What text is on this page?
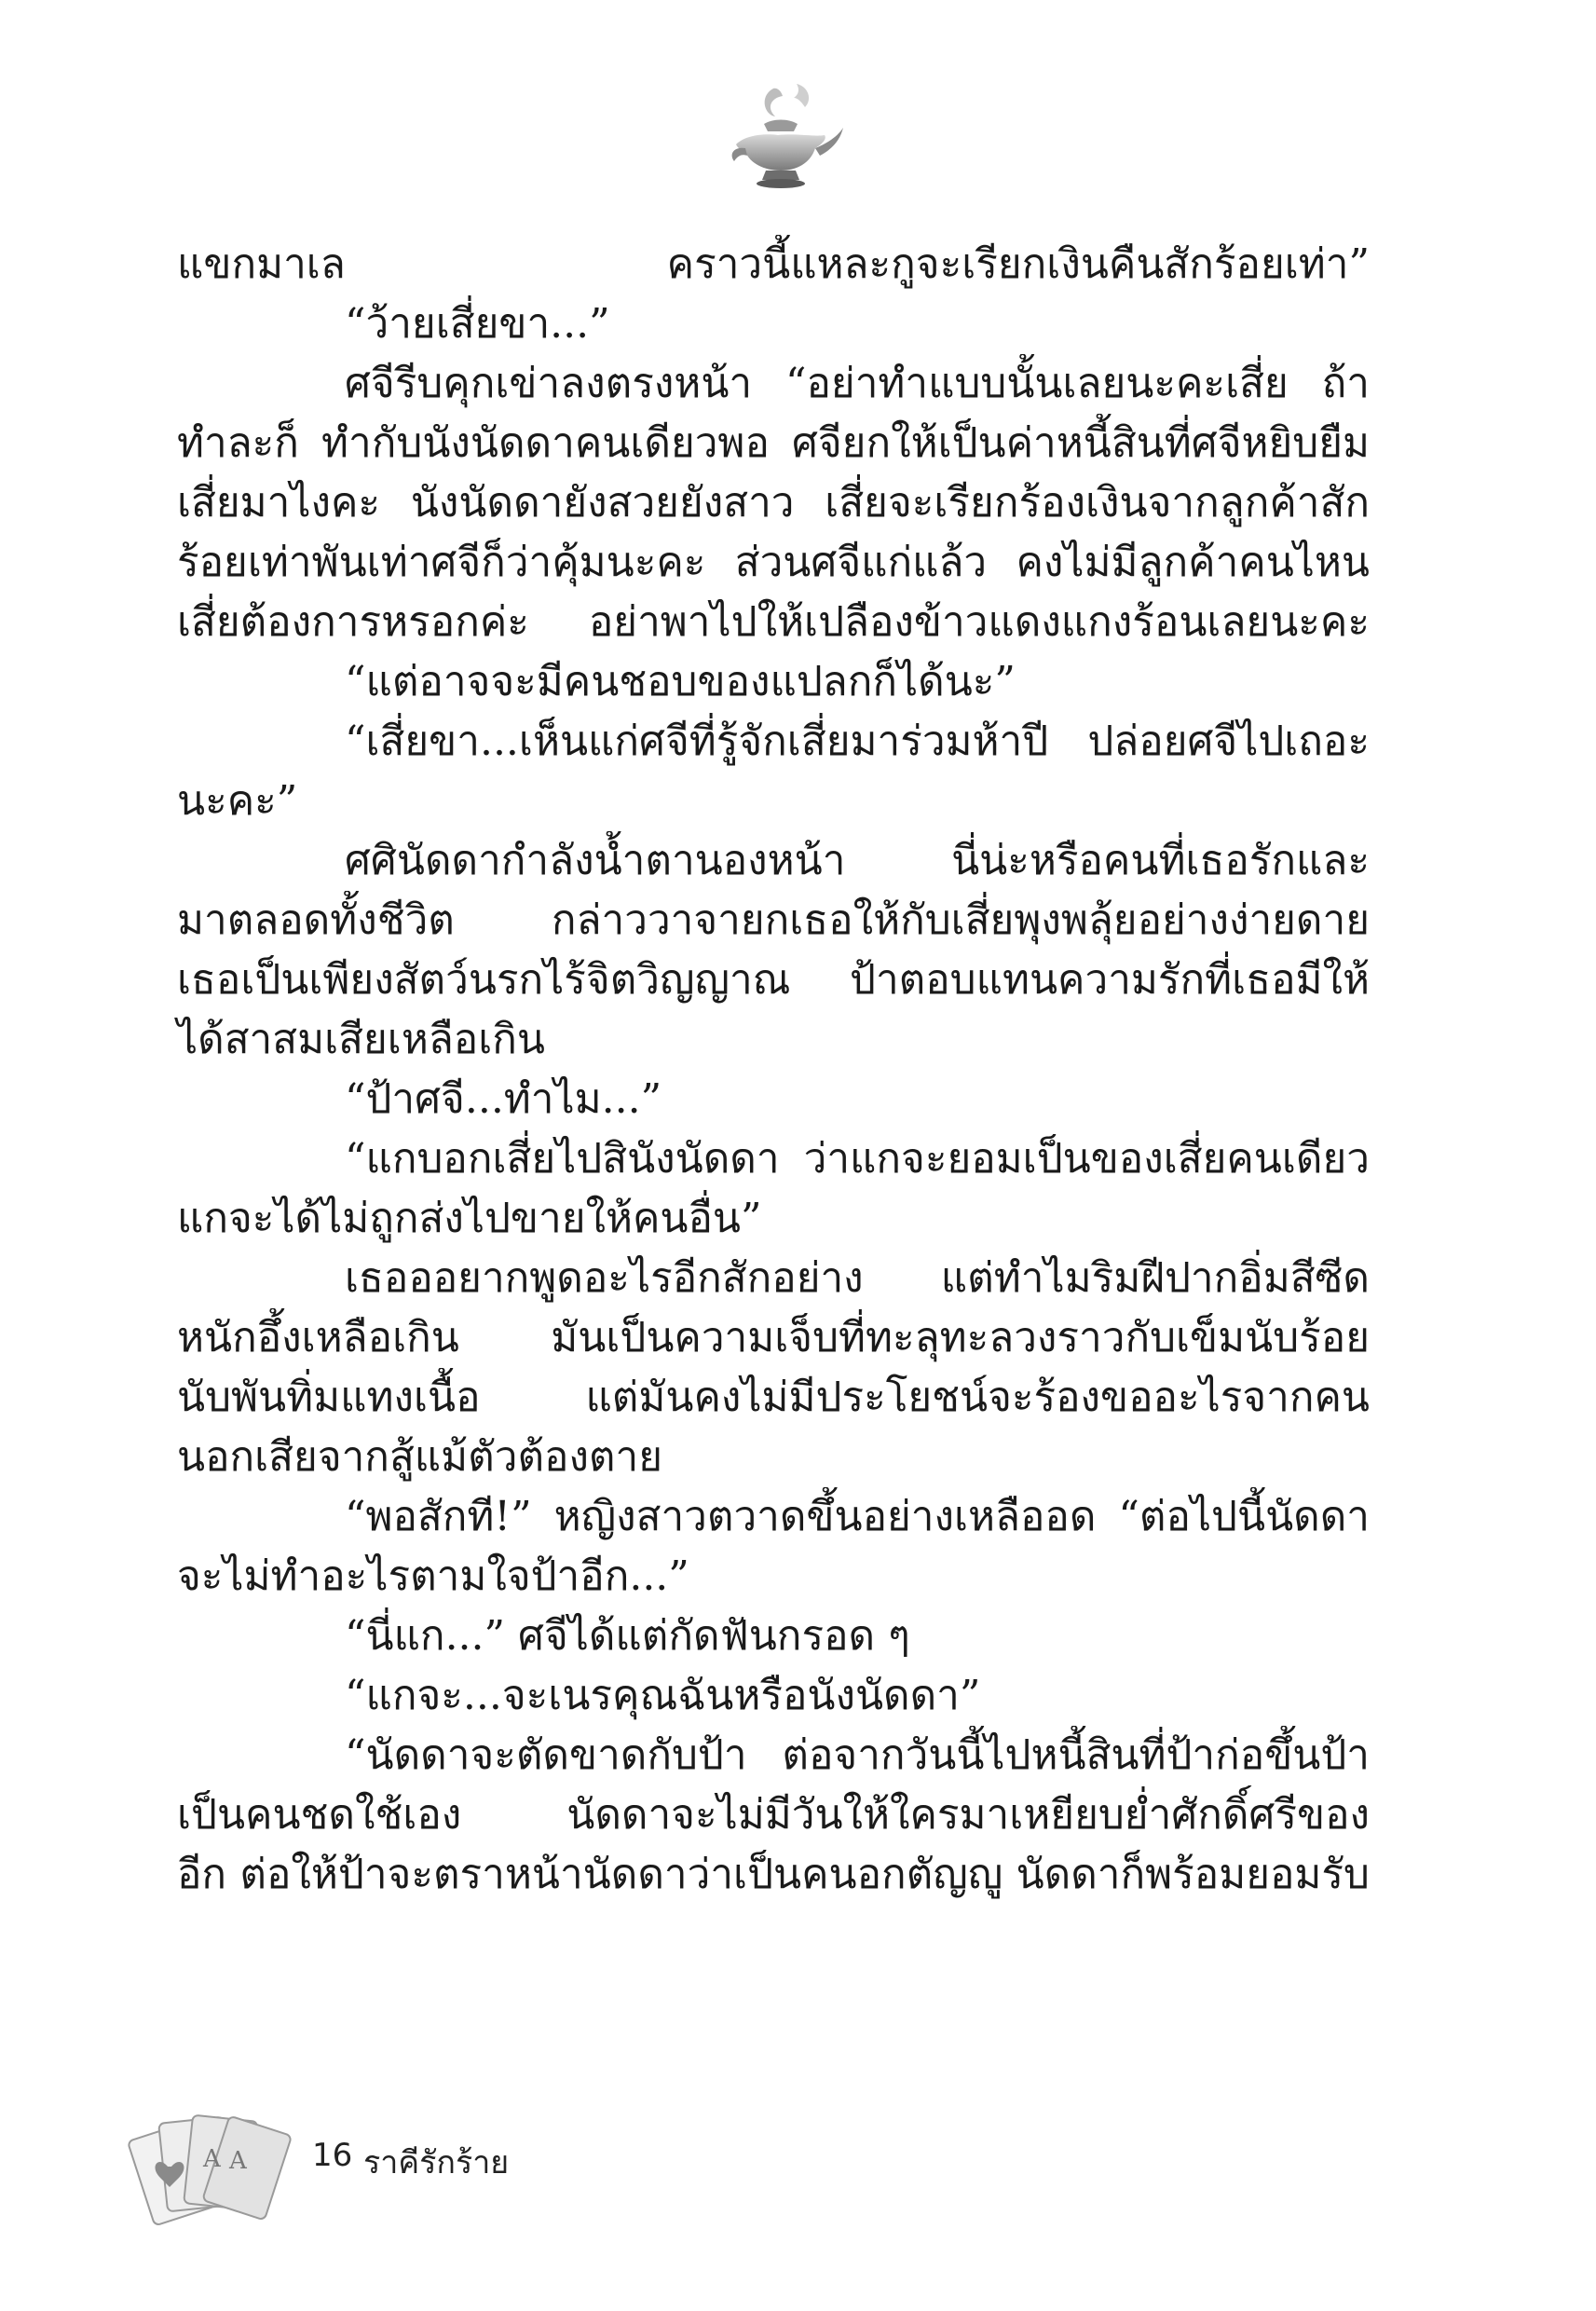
แขกมาเล คราวนี้แหละกูจะเรียกเงินคืนสักร้อยเท่า”
“ว้ายเสี่ยขา...”
ศจีรีบคุกเข่าลงตรงหน้า “อย่าทำแบบนั้นเลยนะคะเสี่ย ถ้า
ทำละก็ ทำกับนังนัดดาคนเดียวพอ ศจียกให้เป็นค่าหนี้สินที่ศจีหยิบยืม
เสี่ยมาไงคะ นังนัดดายังสวยยังสาว เสี่ยจะเรียกร้องเงินจากลูกค้าสัก
ร้อยเท่าพันเท่าศจีก็ว่าคุ้มนะคะ ส่วนศจีแก่แล้ว คงไม่มีลูกค้าคนไหน
เสี่ยต้องการหรอกค่ะ อย่าพาไปให้เปลืองข้าวแดงแกงร้อนเลยนะคะ
“แต่อาจจะมีคนชอบของแปลกก็ได้นะ”
“เสี่ยขา...เห็นแก่ศจีที่รู้จักเสี่ยมาร่วมห้าปี ปล่อยศจีไปเถอะ
นะคะ”
ศศินัดดากำลังน้ำตานองหน้า นี่น่ะหรือคนที่เธอรักและ
มาตลอดทั้งชีวิต กล่าววาจายกเธอให้กับเสี่ยพุงพลุ้ยอย่างง่ายดาย
เธอเป็นเพียงสัตว์นรกไร้จิตวิญญาณ ป้าตอบแทนความรักที่เธอมีให้
ได้สาสมเสียเหลือเกิน
“ป้าศจี...ทำไม...”
“แกบอกเสี่ยไปสินังนัดดา ว่าแกจะยอมเป็นของเสี่ยคนเดียว
แกจะได้ไม่ถูกส่งไปขายให้คนอื่น”
เธอออยากพูดอะไรอีกสักอย่าง แต่ทำไมริมฝีปากอิ่มสีซีด
หนักอึ้งเหลือเกิน มันเป็นความเจ็บที่ทะลุทะลวงราวกับเข็มนับร้อย
นับพันทิ่มแทงเนื้อ แต่มันคงไม่มีประโยชน์จะร้องขออะไรจากคน
นอกเสียจากสู้แม้ตัวต้องตาย
“พอสักที!” หญิงสาวตวาดขึ้นอย่างเหลืออด “ต่อไปนี้นัดดา
จะไม่ทำอะไรตามใจป้าอีก...”
“นี่แก...” ศจีได้แต่กัดฟันกรอด ๆ
“แกจะ...จะเนรคุณฉันหรือนังนัดดา”
“นัดดาจะตัดขาดกับป้า ต่อจากวันนี้ไปหนี้สินที่ป้าก่อขึ้นป้า
เป็นคนชดใช้เอง นัดดาจะไม่มีวันให้ใครมาเหยียบย่ำศักดิ์ศรีของ
อีก ต่อให้ป้าจะตราหน้านัดดาว่าเป็นคนอกตัญญู นัดดาก็พร้อมยอมรับ
A A 16 ราคีรักร้าย
